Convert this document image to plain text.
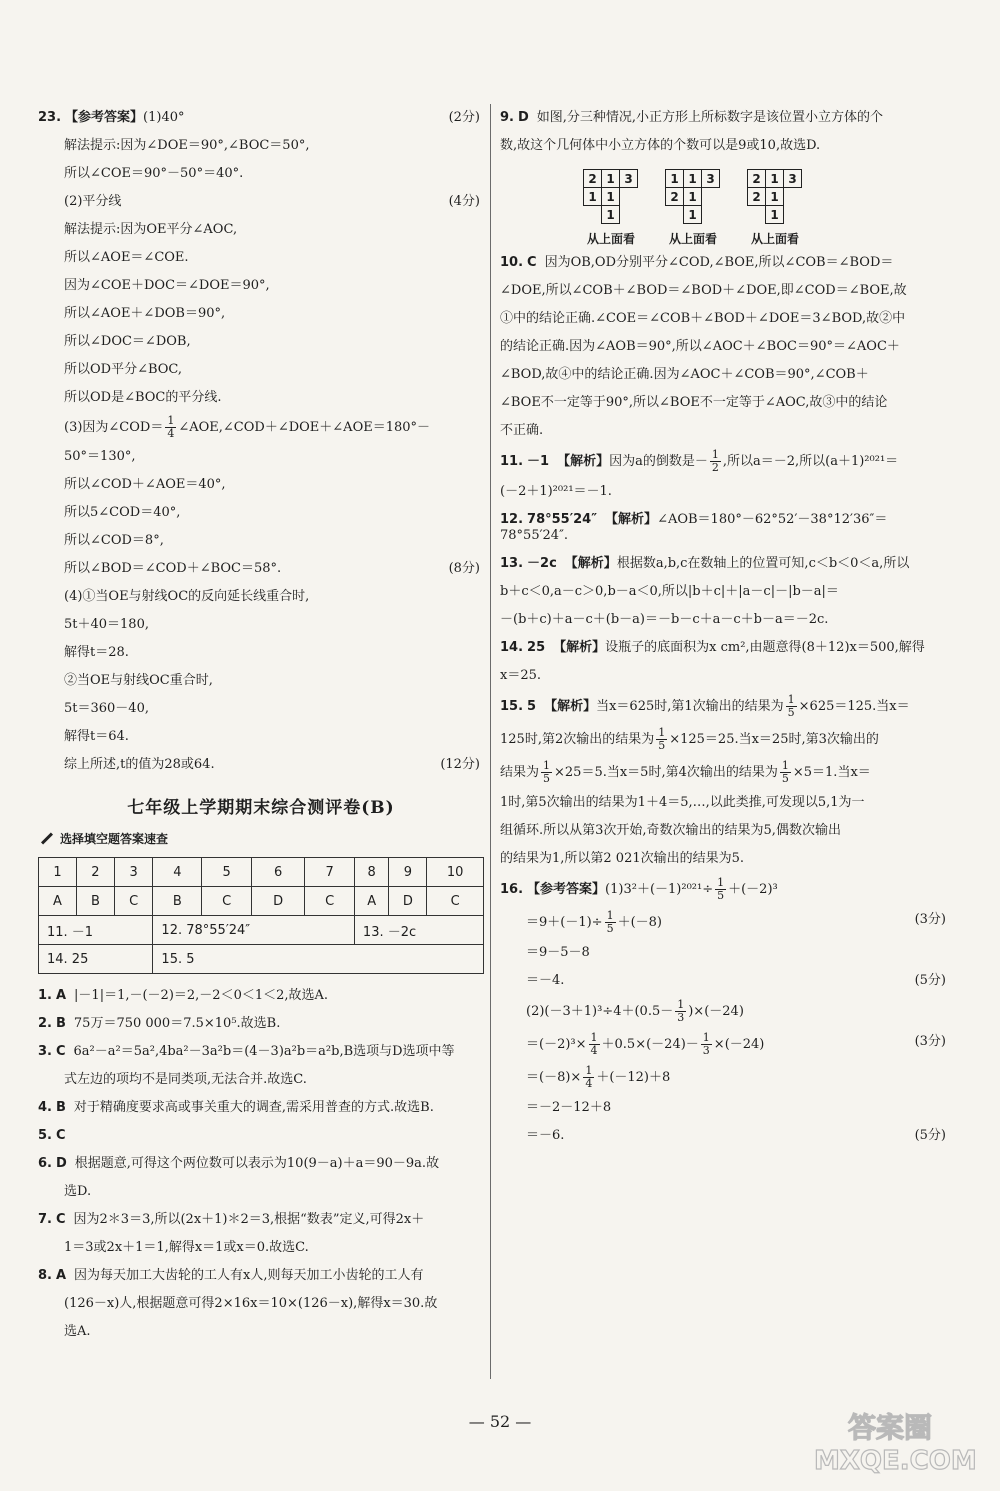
23. 【参考答案】(1)40°	(2分)
解法提示:因为∠DOE＝90°,∠BOC＝50°,
所以∠COE＝90°－50°＝40°.
(2)平分线	(4分)
解法提示:因为OE平分∠AOC,
所以∠AOE＝∠COE.
因为∠COE＋DOC＝∠DOE＝90°,
所以∠AOE＋∠DOB＝90°,
所以∠DOC＝∠DOB,
所以OD平分∠BOC,
所以OD是∠BOC的平分线.
(3)因为∠COD＝ $\frac{1}{4}$ ∠AOE,∠COD＋∠DOE＋∠AOE＝180°－
50°＝130°,
所以∠COD＋∠AOE＝40°,
所以5∠COD＝40°,
所以∠COD＝8°,
所以∠BOD＝∠COD＋∠BOC＝58°.	(8分)
(4)①当OE与射线OC的反向延长线重合时,
5t＋40＝180,
解得t＝28.
②当OE与射线OC重合时,
5t＝360－40,
解得t＝64.
综上所述,t的值为28或64.	(12分)
七年级上学期期末综合测评卷(B)
选择填空题答案速查
1	2	3	4	5	6	7	8	9	10
A	B	C	B	C	D	C	A	D	C
11. －1			12. 78°55′24″				13. －2c		
14. 25			15. 5						
1. A |－1|＝1,－(－2)＝2,－2＜0＜1＜2,故选A.
2. B 75万＝750 000＝7.5×10⁵.故选B.
3. C 6a²－a²＝5a²,4ba²－3a²b＝(4－3)a²b＝a²b,B选项与D选项中等
式左边的项均不是同类项,无法合并.故选C.
4. B 对于精确度要求高或事关重大的调查,需采用普查的方式.故选B.
5. C
6. D 根据题意,可得这个两位数可以表示为10(9－a)＋a＝90－9a.故
选D.
7. C 因为2＊3＝3,所以(2x＋1)＊2＝3,根据“数表”定义,可得2x＋
1＝3或2x＋1＝1,解得x＝1或x＝0.故选C.
8. A 因为每天加工大齿轮的工人有x人,则每天加工小齿轮的工人有
(126－x)人,根据题意可得2×16x＝10×(126－x),解得x＝30.故
选A.
9. D 如图,分三种情况,小正方形上所标数字是该位置小立方体的个
数,故这个几何体中小立方体的个数可以是9或10,故选D.
2 1 3
1 1
1
从上面看
1 1 3
2 1
1
从上面看
2 1 3
2 1
1
从上面看
10. C 因为OB,OD分别平分∠COD,∠BOE,所以∠COB＝∠BOD＝
∠DOE,所以∠COB＋∠BOD＝∠BOD＋∠DOE,即∠COD＝∠BOE,故
①中的结论正确.∠COE＝∠COB＋∠BOD＋∠DOE＝3∠BOD,故②中
的结论正确.因为∠AOB＝90°,所以∠AOC＋∠BOC＝90°＝∠AOC＋
∠BOD,故④中的结论正确.因为∠AOC＋∠COB＝90°,∠COB＋
∠BOE不一定等于90°,所以∠BOE不一定等于∠AOC,故③中的结论
不正确.
11. －1 【解析】因为a的倒数是－ $\frac{1}{2}$ ,所以a＝－2,所以(a＋1)²⁰²¹＝
(－2＋1)²⁰²¹＝－1.
12. 78°55′24″ 【解析】∠AOB＝180°－62°52′－38°12′36″＝78°55′24″.
13. －2c 【解析】根据数a,b,c在数轴上的位置可知,c＜b＜0＜a,所以
b＋c＜0,a－c＞0,b－a＜0,所以|b＋c|＋|a－c|－|b－a|＝
－(b＋c)＋a－c＋(b－a)＝－b－c＋a－c＋b－a＝－2c.
14. 25 【解析】设瓶子的底面积为x cm²,由题意得(8＋12)x＝500,解得
x＝25.
15. 5 【解析】当x＝625时,第1次输出的结果为 $\frac{1}{5} \times 625=125$.当x＝
125时,第2次输出的结果为 $\frac{1}{5} \times 125=25$.当x＝25时,第3次输出的
结果为 $\frac{1}{5} \times 25=5$.当x＝5时,第4次输出的结果为 $\frac{1}{5} \times 5=1$.当x＝
1时,第5次输出的结果为1＋4＝5,…,以此类推,可发现以5,1为一
组循环.所以从第3次开始,奇数次输出的结果为5,偶数次输出
的结果为1,所以第2 021次输出的结果为5.
16. 【参考答案】$(1)3^2+(-1)^{2021}\div \frac{1}{5} +(-2)^3$
$=9+(-1)\div \frac{1}{5} +(-8)$	(3分)
＝9－5－8
＝－4.	(5分)
$(2)(-3+1)^3\div 4+(0.5- \frac{1}{3} )\times(-24)$
$=(-2)^3\times \frac{1}{4} +0.5\times(-24)- \frac{1}{3} \times(-24)$	(3分)
$=(-8)\times \frac{1}{4} +(-12)+8$
＝－2－12＋8
＝－6.	(5分)
— 52 —	答案圈 MXQE.COM
